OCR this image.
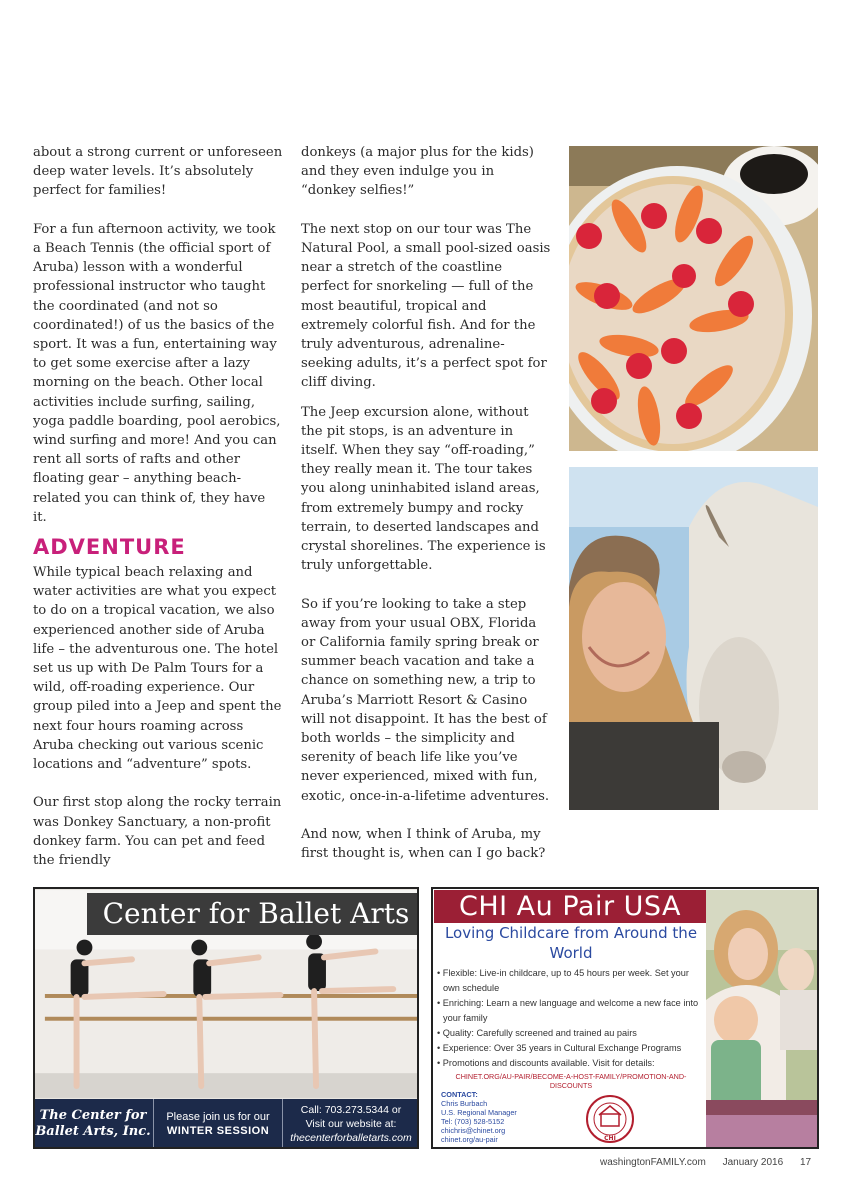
about a strong current or unforeseen deep water levels. It’s absolutely perfect for families!

For a fun afternoon activity, we took a Beach Tennis (the official sport of Aruba) lesson with a wonderful professional instructor who taught the coordinated (and not so coordinated!) of us the basics of the sport. It was a fun, entertaining way to get some exercise after a lazy morning on the beach. Other local activities include surfing, sailing, yoga paddle boarding, pool aerobics, wind surfing and more! And you can rent all sorts of rafts and other floating gear – anything beach-related you can think of, they have it.

ADVENTURE

While typical beach relaxing and water activities are what you expect to do on a tropical vacation, we also experienced another side of Aruba life – the adventurous one. The hotel set us up with De Palm Tours for a wild, off-roading experience. Our group piled into a Jeep and spent the next four hours roaming across Aruba checking out various scenic locations and “adventure” spots.

Our first stop along the rocky terrain was Donkey Sanctuary, a non-profit donkey farm. You can pet and feed the friendly

donkeys (a major plus for the kids) and they even indulge you in “donkey selfies!”

The next stop on our tour was The Natural Pool, a small pool-sized oasis near a stretch of the coastline perfect for snorkeling — full of the most beautiful, tropical and extremely colorful fish. And for the truly adventurous, adrenaline-seeking adults, it’s a perfect spot for cliff diving.

The Jeep excursion alone, without the pit stops, is an adventure in itself. When they say “off-roading,” they really mean it. The tour takes you along uninhabited island areas, from extremely bumpy and rocky terrain, to deserted landscapes and crystal shorelines. The experience is truly unforgettable.

So if you’re looking to take a step away from your usual OBX, Florida or California family spring break or summer beach vacation and take a chance on something new, a trip to Aruba’s Marriott Resort & Casino will not disappoint. It has the best of both worlds – the simplicity and serenity of beach life like you’ve never experienced, mixed with fun, exotic, once-in-a-lifetime adventures.

And now, when I think of Aruba, my first thought is, when can I go back?

Center for Ballet Arts
The Center for
Ballet Arts, Inc.
Please join us for our
WINTER SESSION
Call: 703.273.5344 or
Visit our website at:
thecenterforballetarts.com
CHI Au Pair USA
Loving Childcare from Around the World
• Flexible: Live-in childcare, up to 45 hours per week. Set your own schedule
• Enriching: Learn a new language and welcome a new face into your family
• Quality: Carefully screened and trained au pairs
• Experience: Over 35 years in Cultural Exchange Programs
• Promotions and discounts available. Visit for details:
CHINET.ORG/AU-PAIR/BECOME-A-HOST-FAMILY/PROMOTION-AND-DISCOUNTS
CONTACT:
Chris Burbach
U.S. Regional Manager
Tel: (703) 528-5152
chichris@chinet.org
chinet.org/au-pair	CHI
washingtonFAMILY.com January 2016 17
